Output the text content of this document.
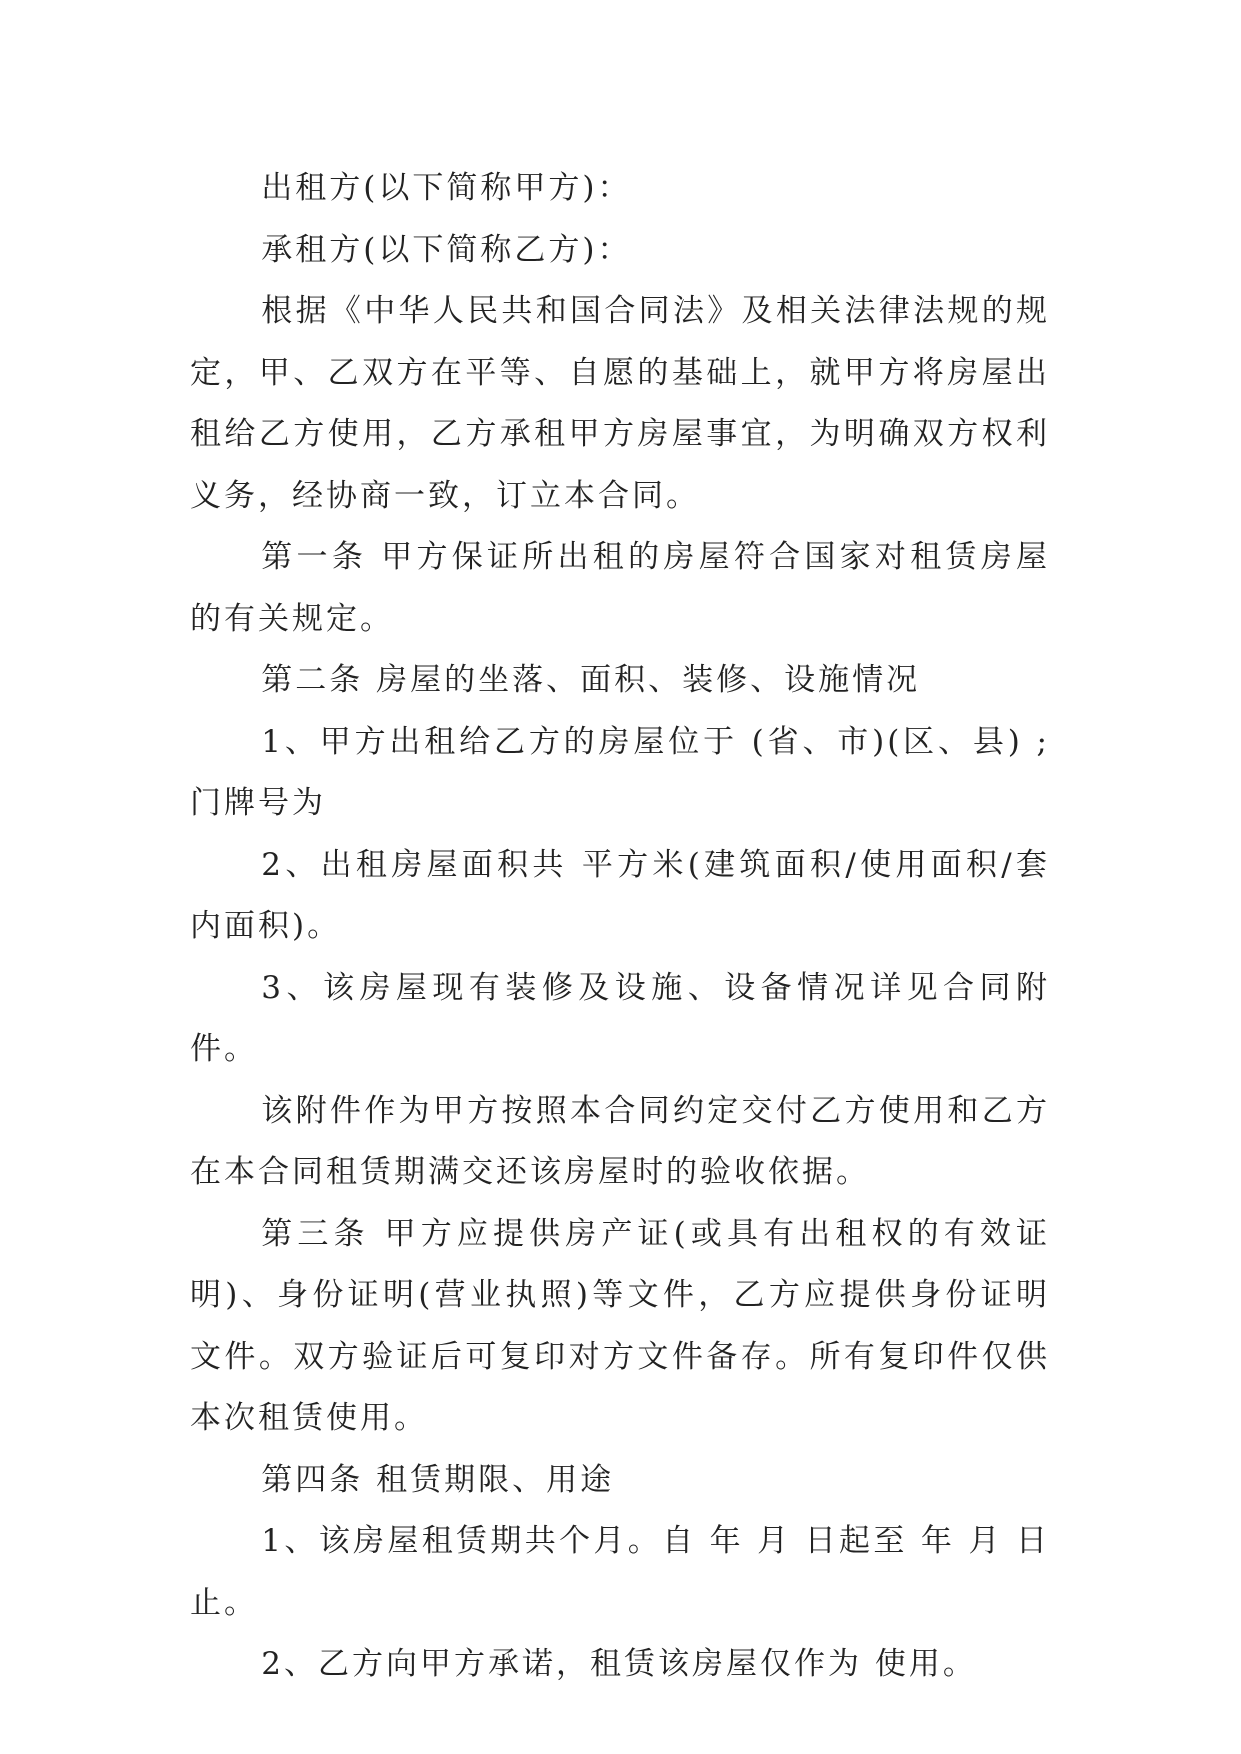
出租方(以下简称甲方)：

承租方(以下简称乙方)：

根据《中华人民共和国合同法》及相关法律法规的规定，甲、乙双方在平等、自愿的基础上，就甲方将房屋出租给乙方使用，乙方承租甲方房屋事宜，为明确双方权利义务，经协商一致，订立本合同。

第一条 甲方保证所出租的房屋符合国家对租赁房屋的有关规定。

第二条 房屋的坐落、面积、装修、设施情况

1、甲方出租给乙方的房屋位于 (省、市)(区、县) ;门牌号为

2、出租房屋面积共 平方米(建筑面积/使用面积/套内面积)。

3、该房屋现有装修及设施、设备情况详见合同附件。

该附件作为甲方按照本合同约定交付乙方使用和乙方在本合同租赁期满交还该房屋时的验收依据。

第三条 甲方应提供房产证(或具有出租权的有效证明)、身份证明(营业执照)等文件，乙方应提供身份证明文件。双方验证后可复印对方文件备存。所有复印件仅供本次租赁使用。

第四条 租赁期限、用途

1、该房屋租赁期共个月。自 年 月 日起至 年 月 日止。

2、乙方向甲方承诺，租赁该房屋仅作为 使用。
